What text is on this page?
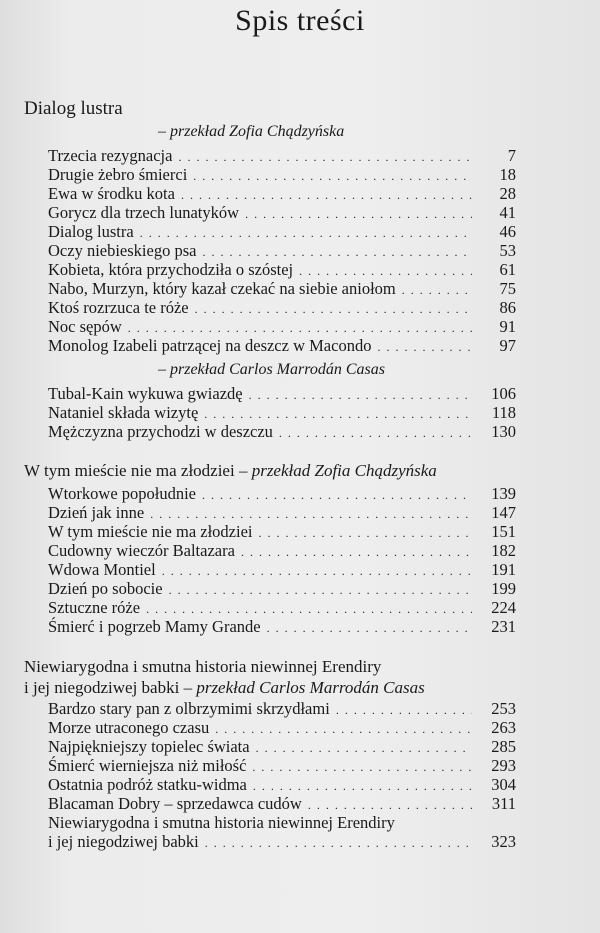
Spis treści
Dialog lustra
– przekład Zofia Chądzyńska
Trzecia rezygnacja . . .	7
Drugie żebro śmierci . . .	18
Ewa w środku kota . . .	28
Gorycz dla trzech lunatyków . . .	41
Dialog lustra . . .	46
Oczy niebieskiego psa . . .	53
Kobieta, która przychodziła o szóstej . . .	61
Nabo, Murzyn, który kazał czekać na siebie aniołom . . .	75
Ktoś rozrzuca te róże . . .	86
Noc sępów . . .	91
Monolog Izabeli patrzącej na deszcz w Macondo . . .	97
– przekład Carlos Marrodán Casas
Tubal-Kain wykuwa gwiazdę . . .	106
Nataniel składa wizytę . . .	118
Mężczyzna przychodzi w deszczu . . .	130
W tym mieście nie ma złodziei – przekład Zofia Chądzyńska
Wtorkowe popołudnie . . .	139
Dzień jak inne . . .	147
W tym mieście nie ma złodziei . . .	151
Cudowny wieczór Baltazara . . .	182
Wdowa Montiel . . .	191
Dzień po sobocie . . .	199
Sztuczne róże . . .	224
Śmierć i pogrzeb Mamy Grande . . .	231
Niewiarygodna i smutna historia niewinnej Erendiry
i jej niegodziwej babki – przekład Carlos Marrodán Casas
Bardzo stary pan z olbrzymimi skrzydłami . . .	253
Morze utraconego czasu . . .	263
Najpiękniejszy topielec świata . . .	285
Śmierć wierniejsza niż miłość . . .	293
Ostatnia podróż statku-widma . . .	304
Blacaman Dobry – sprzedawca cudów . . .	311
Niewiarygodna i smutna historia niewinnej Erendiry
i jej niegodziwej babki . . .	323
